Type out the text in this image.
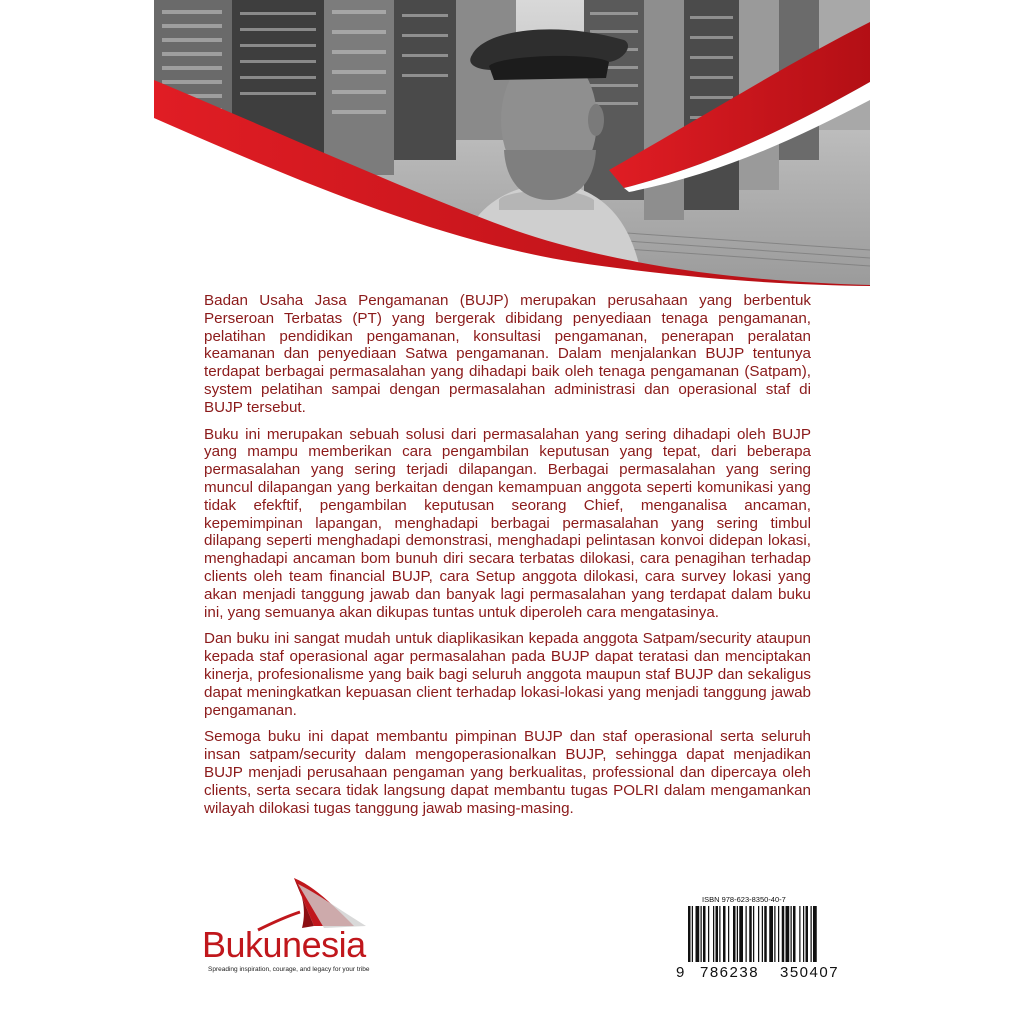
Badan Usaha Jasa Pengamanan (BUJP) merupakan perusahaan yang berbentuk Perseroan Terbatas (PT) yang bergerak dibidang penyediaan tenaga pengamanan, pelatihan pendidikan pengamanan, konsultasi pengamanan, penerapan peralatan keamanan dan penyediaan Satwa pengamanan. Dalam menjalankan BUJP tentunya terdapat berbagai permasalahan yang dihadapi baik oleh tenaga pengamanan (Satpam), system pelatihan sampai dengan permasalahan administrasi dan operasional staf di BUJP tersebut.

Buku ini merupakan sebuah solusi dari permasalahan yang sering dihadapi oleh BUJP yang mampu memberikan cara pengambilan keputusan yang tepat, dari beberapa permasalahan yang sering terjadi dilapangan. Berbagai permasalahan yang sering muncul dilapangan yang berkaitan dengan kemampuan anggota seperti komunikasi yang tidak efekftif, pengambilan keputusan seorang Chief, menganalisa ancaman, kepemimpinan lapangan, menghadapi berbagai permasalahan yang sering timbul dilapang seperti menghadapi demonstrasi, menghadapi pelintasan konvoi didepan lokasi, menghadapi ancaman bom bunuh diri secara terbatas dilokasi, cara penagihan terhadap clients oleh team financial BUJP, cara Setup anggota dilokasi, cara survey lokasi yang akan menjadi tanggung jawab dan banyak lagi permasalahan yang terdapat dalam buku ini, yang semuanya akan dikupas tuntas untuk diperoleh cara mengatasinya.

Dan buku ini sangat mudah untuk diaplikasikan kepada anggota Satpam/security ataupun kepada staf operasional agar permasalahan pada BUJP dapat teratasi dan menciptakan kinerja, profesionalisme yang baik bagi seluruh anggota maupun staf BUJP dan sekaligus dapat meningkatkan kepuasan client terhadap lokasi-lokasi yang menjadi tanggung jawab pengamanan.

Semoga buku ini dapat membantu pimpinan BUJP dan staf operasional serta seluruh insan satpam/security dalam mengoperasionalkan BUJP, sehingga dapat menjadikan BUJP menjadi perusahaan pengaman yang berkualitas, professional dan dipercaya oleh clients, serta secara tidak langsung dapat membantu tugas POLRI dalam mengamankan wilayah dilokasi tugas tanggung jawab masing-masing.

Bukunesia
Spreading inspiration, courage, and legacy for your tribe
ISBN 978-623-8350-40-7
9 786238 350407
